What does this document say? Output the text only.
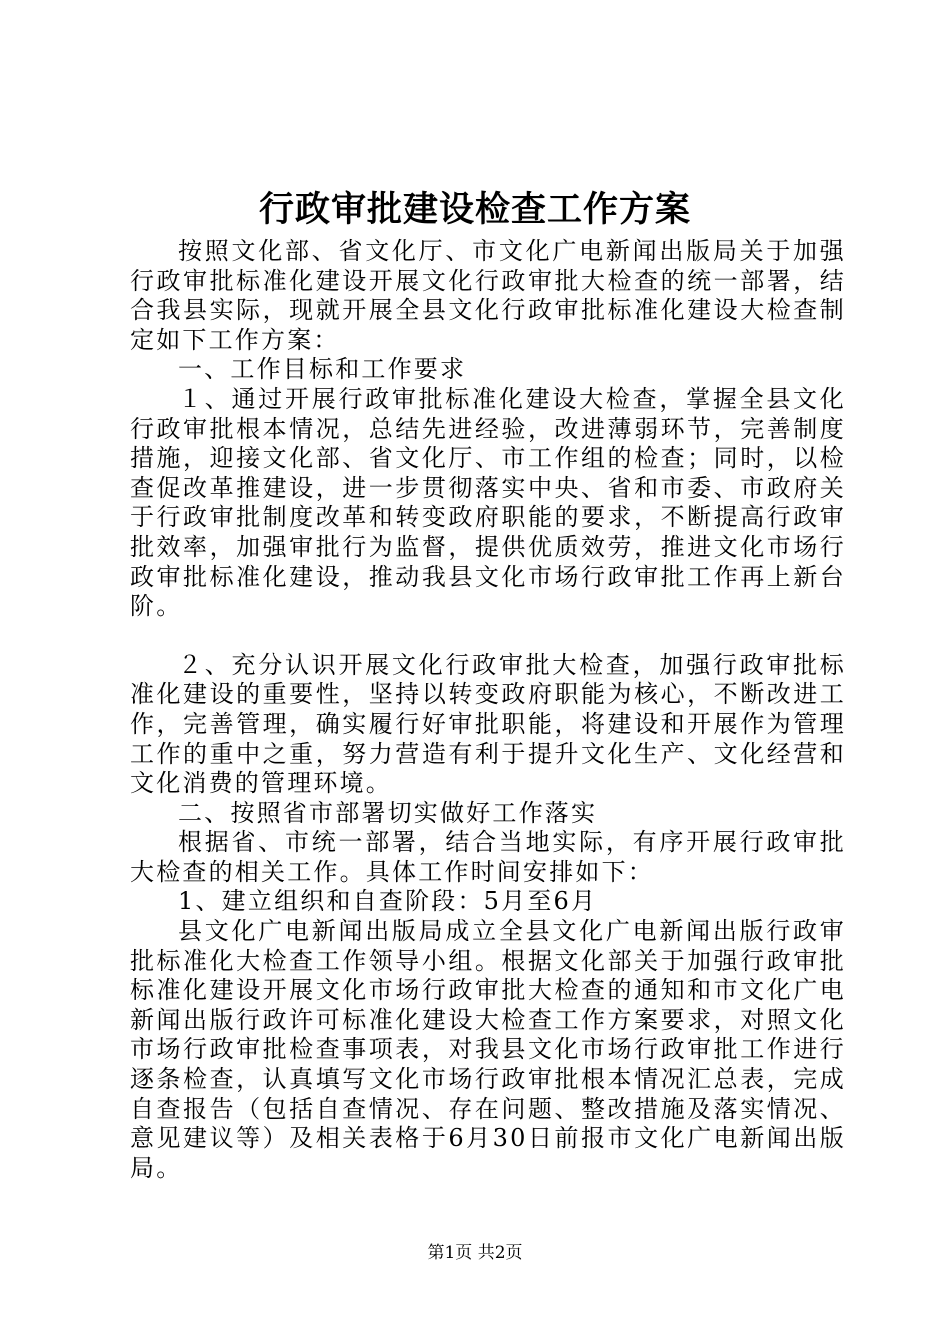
行政审批建设检查工作方案

按照文化部、省文化厅、市文化广电新闻出版局关于加强行政审批标准化建设开展文化行政审批大检查的统一部署，结合我县实际，现就开展全县文化行政审批标准化建设大检查制定如下工作方案：

一、工作目标和工作要求

１、通过开展行政审批标准化建设大检查，掌握全县文化行政审批根本情况，总结先进经验，改进薄弱环节，完善制度措施，迎接文化部、省文化厅、市工作组的检查；同时，以检查促改革推建设，进一步贯彻落实中央、省和市委、市政府关于行政审批制度改革和转变政府职能的要求，不断提高行政审批效率，加强审批行为监督，提供优质效劳，推进文化市场行政审批标准化建设，推动我县文化市场行政审批工作再上新台阶。

２、充分认识开展文化行政审批大检查，加强行政审批标准化建设的重要性，坚持以转变政府职能为核心，不断改进工作，完善管理，确实履行好审批职能，将建设和开展作为管理工作的重中之重，努力营造有利于提升文化生产、文化经营和文化消费的管理环境。

二、按照省市部署切实做好工作落实

根据省、市统一部署，结合当地实际，有序开展行政审批大检查的相关工作。具体工作时间安排如下：

1、建立组织和自查阶段：5月至6月

县文化广电新闻出版局成立全县文化广电新闻出版行政审批标准化大检查工作领导小组。根据文化部关于加强行政审批标准化建设开展文化市场行政审批大检查的通知和市文化广电新闻出版行政许可标准化建设大检查工作方案要求，对照文化市场行政审批检查事项表，对我县文化市场行政审批工作进行逐条检查，认真填写文化市场行政审批根本情况汇总表，完成自查报告（包括自查情况、存在问题、整改措施及落实情况、意见建议等）及相关表格于6月30日前报市文化广电新闻出版局。

第1页 共2页
